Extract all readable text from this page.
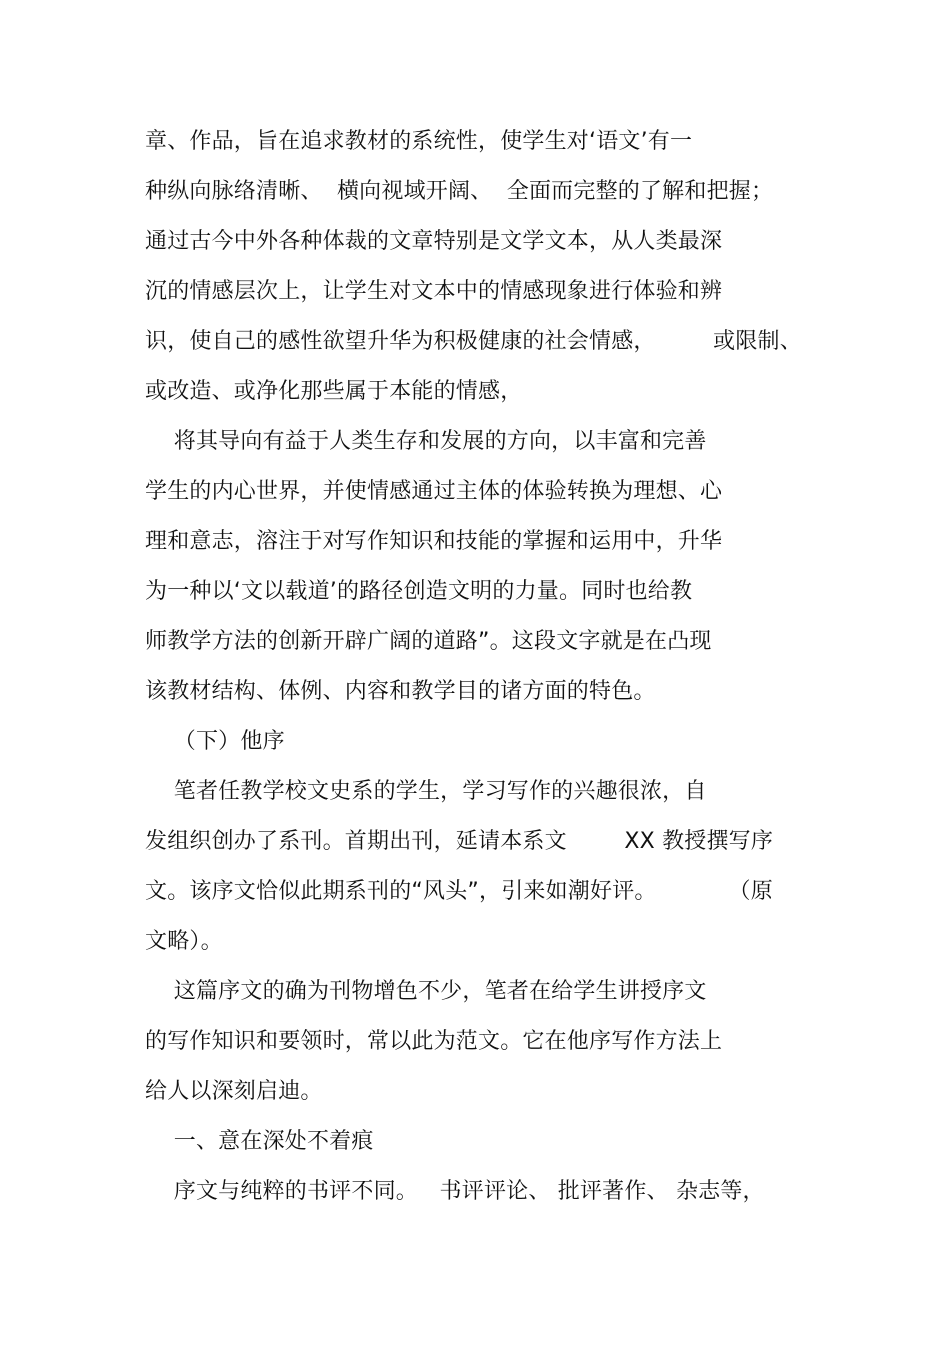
章、作品，旨在追求教材的系统性，使学生对‘语文’有一
种纵向脉络清晰、  横向视域开阔、  全面而完整的了解和把握；
通过古今中外各种体裁的文章特别是文学文本，从人类最深
沉的情感层次上，让学生对文本中的情感现象进行体验和辨
识，使自己的感性欲望升华为积极健康的社会情感，        或限制、
或改造、或净化那些属于本能的情感，
将其导向有益于人类生存和发展的方向，以丰富和完善
学生的内心世界，并使情感通过主体的体验转换为理想、心
理和意志，溶注于对写作知识和技能的掌握和运用中，升华
为一种以‘文以载道’的路径创造文明的力量。同时也给教
师教学方法的创新开辟广阔的道路”。这段文字就是在凸现
该教材结构、体例、内容和教学目的诸方面的特色。
（下）他序
笔者任教学校文史系的学生，学习写作的兴趣很浓，自
发组织创办了系刊。首期出刊，延请本系文        XX 教授撰写序
文。该序文恰似此期系刊的“风头”，引来如潮好评。          （原
文略）。
这篇序文的确为刊物增色不少，笔者在给学生讲授序文
的写作知识和要领时，常以此为范文。它在他序写作方法上
给人以深刻启迪。
一、意在深处不着痕
序文与纯粹的书评不同。   书评评论、 批评著作、 杂志等，
